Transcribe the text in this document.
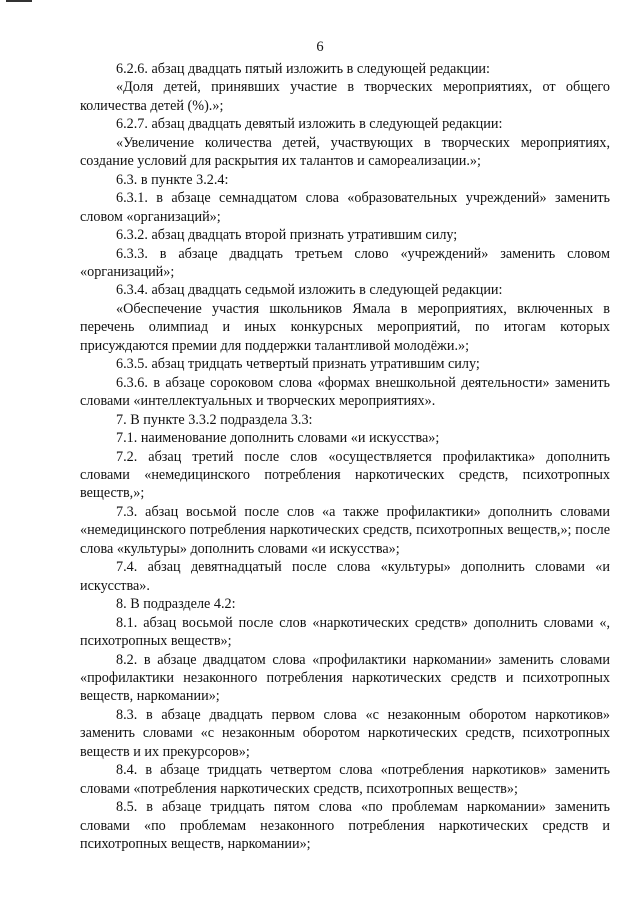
6

6.2.6. абзац двадцать пятый изложить в следующей редакции:

«Доля детей, принявших участие в творческих мероприятиях, от общего количества детей (%).»;

6.2.7. абзац двадцать девятый изложить в следующей редакции:

«Увеличение количества детей, участвующих в творческих мероприятиях, создание условий для раскрытия их талантов и самореализации.»;

6.3. в пункте 3.2.4:

6.3.1. в абзаце семнадцатом слова «образовательных учреждений» заменить словом «организаций»;

6.3.2. абзац двадцать второй признать утратившим силу;

6.3.3. в абзаце двадцать третьем слово «учреждений» заменить словом «организаций»;

6.3.4. абзац двадцать седьмой изложить в следующей редакции:

«Обеспечение участия школьников Ямала в мероприятиях, включенных в перечень олимпиад и иных конкурсных мероприятий, по итогам которых присуждаются премии для поддержки талантливой молодёжи.»;

6.3.5. абзац тридцать четвертый признать утратившим силу;

6.3.6. в абзаце сороковом слова «формах внешкольной деятельности» заменить словами «интеллектуальных и творческих мероприятиях».

7. В пункте 3.3.2 подраздела 3.3:

7.1. наименование дополнить словами «и искусства»;

7.2. абзац третий после слов «осуществляется профилактика» дополнить словами «немедицинского потребления наркотических средств, психотропных веществ,»;

7.3. абзац восьмой после слов «а также профилактики» дополнить словами «немедицинского потребления наркотических средств, психотропных веществ,»; после слова «культуры» дополнить словами «и искусства»;

7.4. абзац девятнадцатый после слова «культуры» дополнить словами «и искусства».

8. В подразделе 4.2:

8.1. абзац восьмой после слов «наркотических средств» дополнить словами «, психотропных веществ»;

8.2. в абзаце двадцатом слова «профилактики наркомании» заменить словами «профилактики незаконного потребления наркотических средств и психотропных веществ, наркомании»;

8.3. в абзаце двадцать первом слова «с незаконным оборотом наркотиков» заменить словами «с незаконным оборотом наркотических средств, психотропных веществ и их прекурсоров»;

8.4. в абзаце тридцать четвертом слова «потребления наркотиков» заменить словами «потребления наркотических средств, психотропных веществ»;

8.5. в абзаце тридцать пятом слова «по проблемам наркомании» заменить словами «по проблемам незаконного потребления наркотических средств и психотропных веществ, наркомании»;
